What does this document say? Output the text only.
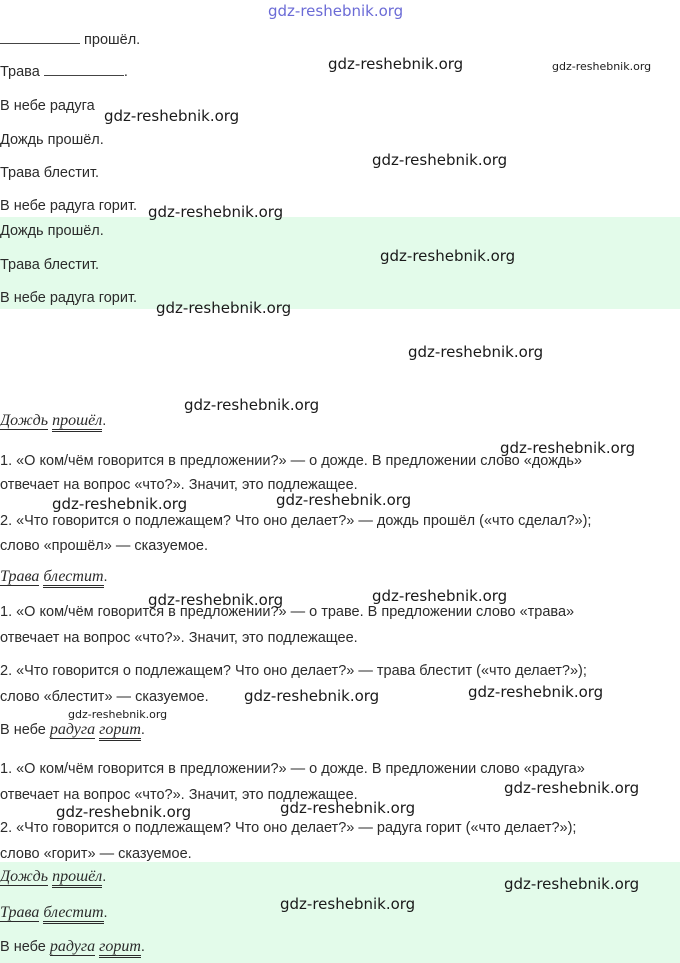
прошёл.
Трава	.
В небе радуга
Дождь прошёл.
Трава блестит.
В небе радуга горит.
Дождь прошёл.
Трава блестит.
В небе радуга горит.
Дождь прошёл.
1. «О ком/чём говорится в предложении?» — о дожде. В предложении слово «дождь»
отвечает на вопрос «что?». Значит, это подлежащее.
2. «Что говорится о подлежащем? Что оно делает?» — дождь прошёл («что сделал?»);
слово «прошёл» — сказуемое.
Трава блестит.
1. «О ком/чём говорится в предложении?» — о траве. В предложении слово «трава»
отвечает на вопрос «что?». Значит, это подлежащее.
2. «Что говорится о подлежащем? Что оно делает?» — трава блестит («что делает?»);
слово «блестит» — сказуемое.
В небе радуга горит.
1. «О ком/чём говорится в предложении?» — о дожде. В предложении слово «радуга»
отвечает на вопрос «что?». Значит, это подлежащее.
2. «Что говорится о подлежащем? Что оно делает?» — радуга горит («что делает?»);
слово «горит» — сказуемое.
Дождь прошёл.
Трава блестит.
В небе радуга горит.
gdz-reshebnik.org
gdz-reshebnik.org	gdz-reshebnik.org
gdz-reshebnik.org
gdz-reshebnik.org
gdz-reshebnik.org
gdz-reshebnik.org
gdz-reshebnik.org
gdz-reshebnik.org
gdz-reshebnik.org
gdz-reshebnik.org
gdz-reshebnik.org
gdz-reshebnik.org
gdz-reshebnik.org
gdz-reshebnik.org
gdz-reshebnik.org
gdz-reshebnik.org
gdz-reshebnik.org
gdz-reshebnik.org
gdz-reshebnik.org
gdz-reshebnik.org
gdz-reshebnik.org
gdz-reshebnik.org
